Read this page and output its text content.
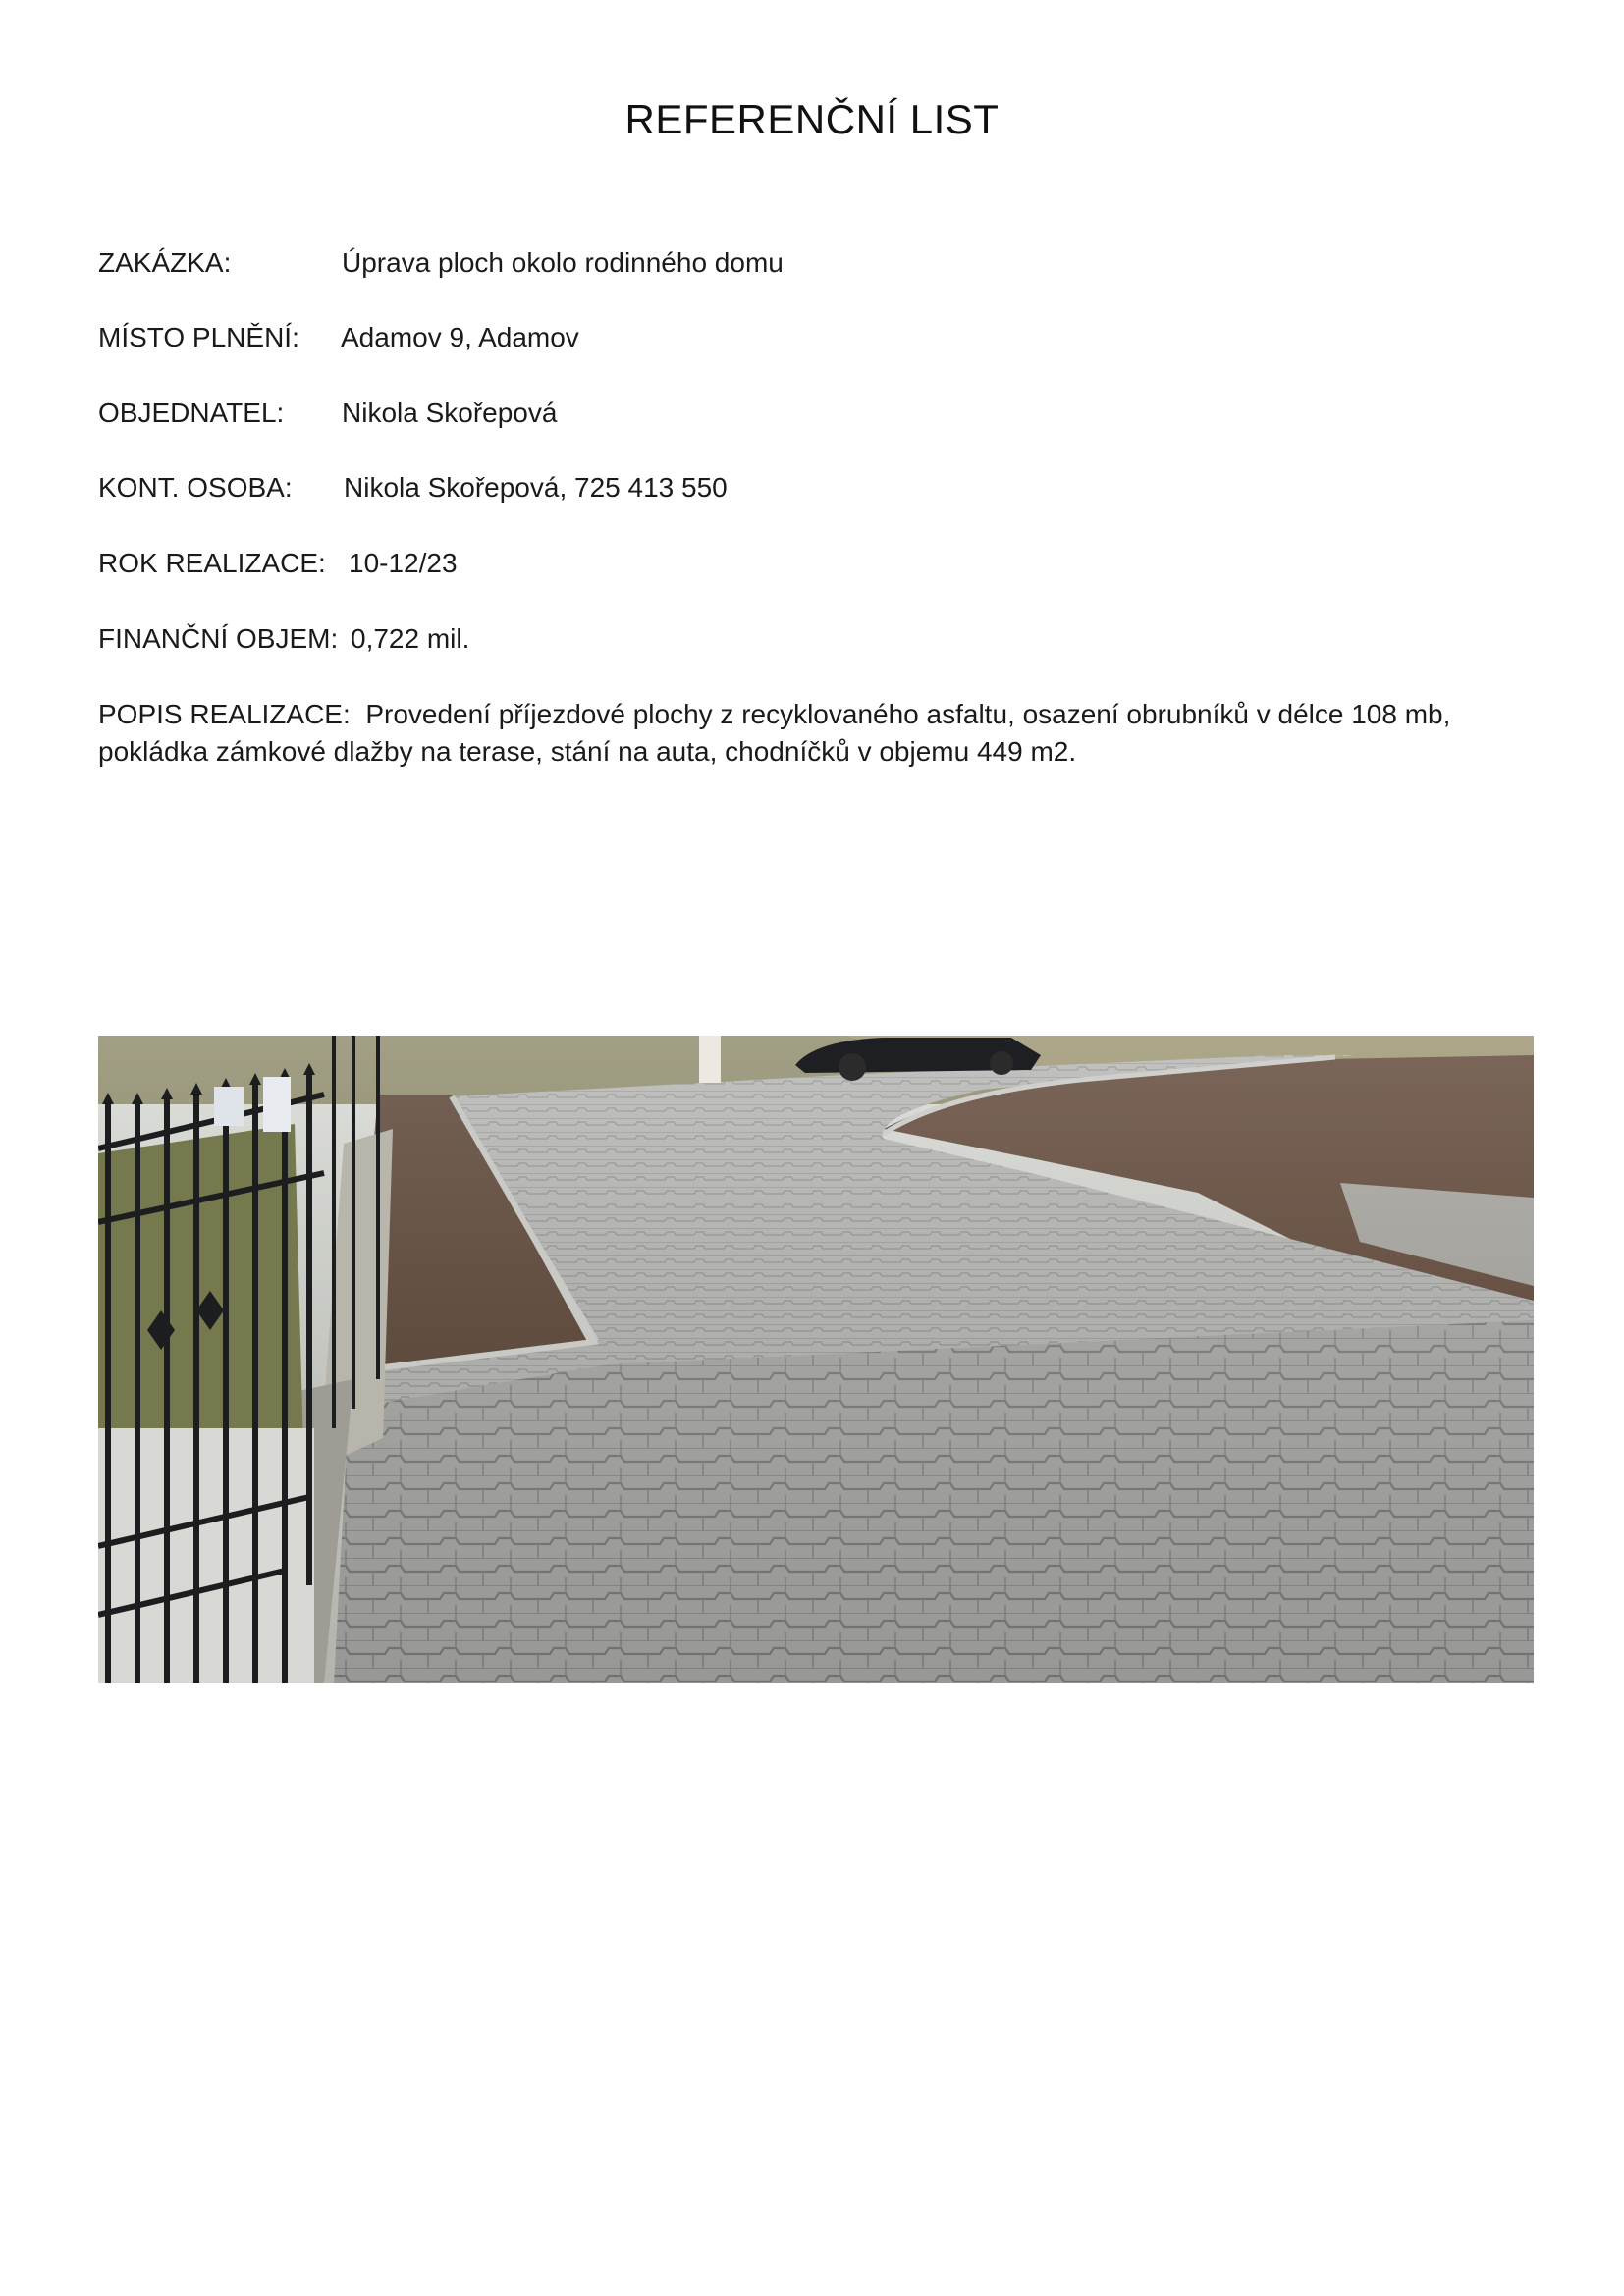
REFERENČNÍ LIST
ZAKÁZKA:	Úprava ploch okolo rodinného domu
MÍSTO PLNĚNÍ: Adamov 9, Adamov
OBJEDNATEL: Nikola Skořepová
KONT. OSOBA: Nikola Skořepová, 725 413 550
ROK REALIZACE: 10-12/23
FINANČNÍ OBJEM: 0,722 mil.
POPIS REALIZACE: Provedení příjezdové plochy z recyklovaného asfaltu, osazení obrubníků v délce 108 mb, pokládka zámkové dlažby na terase, stání na auta, chodníčků v objemu 449 m2.
